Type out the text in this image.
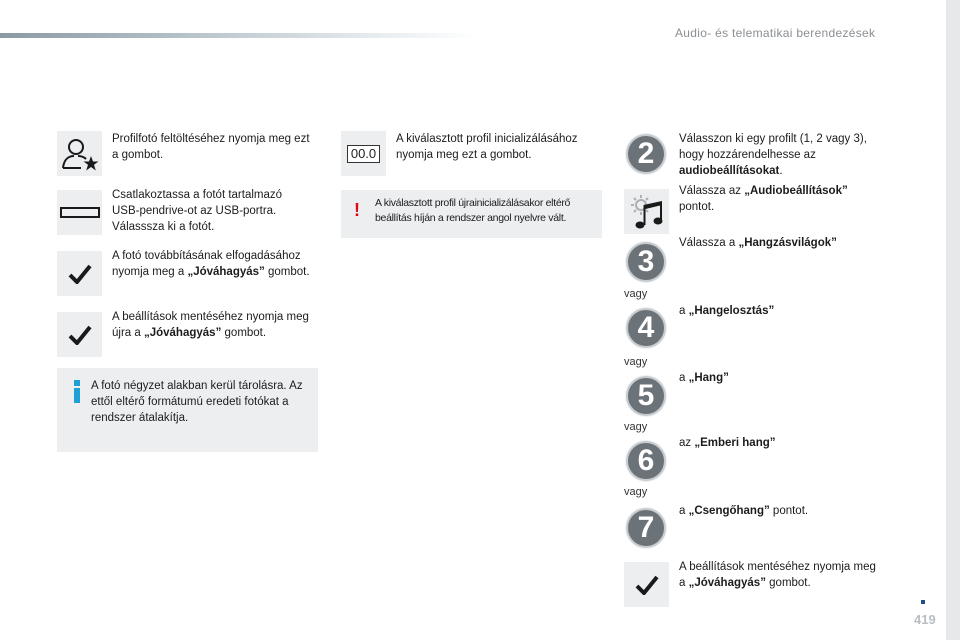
Audio- és telematikai berendezések
Profilfotó feltöltéséhez nyomja meg ezt a gombot.
Csatlakoztassa a fotót tartalmazó USB-pendrive-ot az USB-portra. Válasssza ki a fotót.
A fotó továbbításának elfogadásához nyomja meg a „Jóváhagyás” gombot.
A beállítások mentéséhez nyomja meg újra a „Jóváhagyás” gombot.
A fotó négyzet alakban kerül tárolásra. Az ettől eltérő formátumú eredeti fotókat a rendszer átalakítja.
00.0
A kiválasztott profil inicializálásához nyomja meg ezt a gombot.
! A kiválasztott profil újrainicializálásakor eltérő beállítás híján a rendszer angol nyelvre vált.
2	Válasszon ki egy profilt (1, 2 vagy 3), hogy hozzárendelhesse az audiobeállításokat.
Válassza az „Audiobeállítások” pontot.
3
Válassza a „Hangzásvilágok”
vagy
4	a „Hangelosztás”
vagy
5
a „Hang”
vagy
6
az „Emberi hang”
vagy
7	a „Csengőhang” pontot.
A beállítások mentéséhez nyomja meg a „Jóváhagyás” gombot.
419
